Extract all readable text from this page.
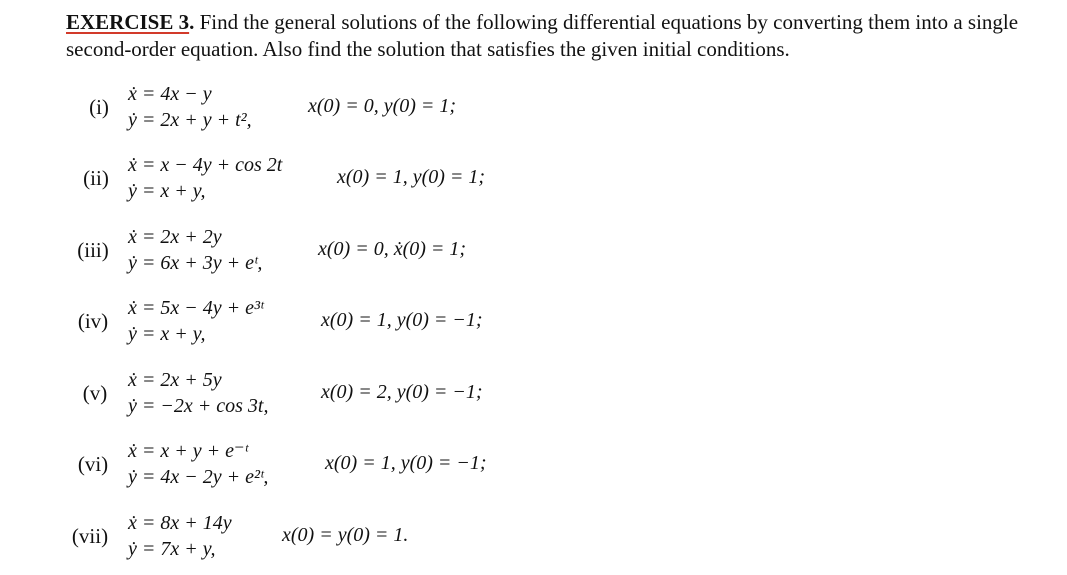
EXERCISE 3. Find the general solutions of the following differential equations by converting them into a single second-order equation. Also find the solution that satisfies the given initial conditions.
(i)
ẋ = 4x − y
ẏ = 2x + y + t²,
x(0) = 0, y(0) = 1;
(ii)
ẋ = x − 4y + cos 2t
ẏ = x + y,
x(0) = 1, y(0) = 1;
(iii)
ẋ = 2x + 2y
ẏ = 6x + 3y + eᵗ,
x(0) = 0, ẋ(0) = 1;
(iv)
ẋ = 5x − 4y + e³ᵗ
ẏ = x + y,
x(0) = 1, y(0) = −1;
(v)
ẋ = 2x + 5y
ẏ = −2x + cos 3t,
x(0) = 2, y(0) = −1;
(vi)
ẋ = x + y + e⁻ᵗ
ẏ = 4x − 2y + e²ᵗ,
x(0) = 1, y(0) = −1;
(vii)
ẋ = 8x + 14y
ẏ = 7x + y,
x(0) = y(0) = 1.
